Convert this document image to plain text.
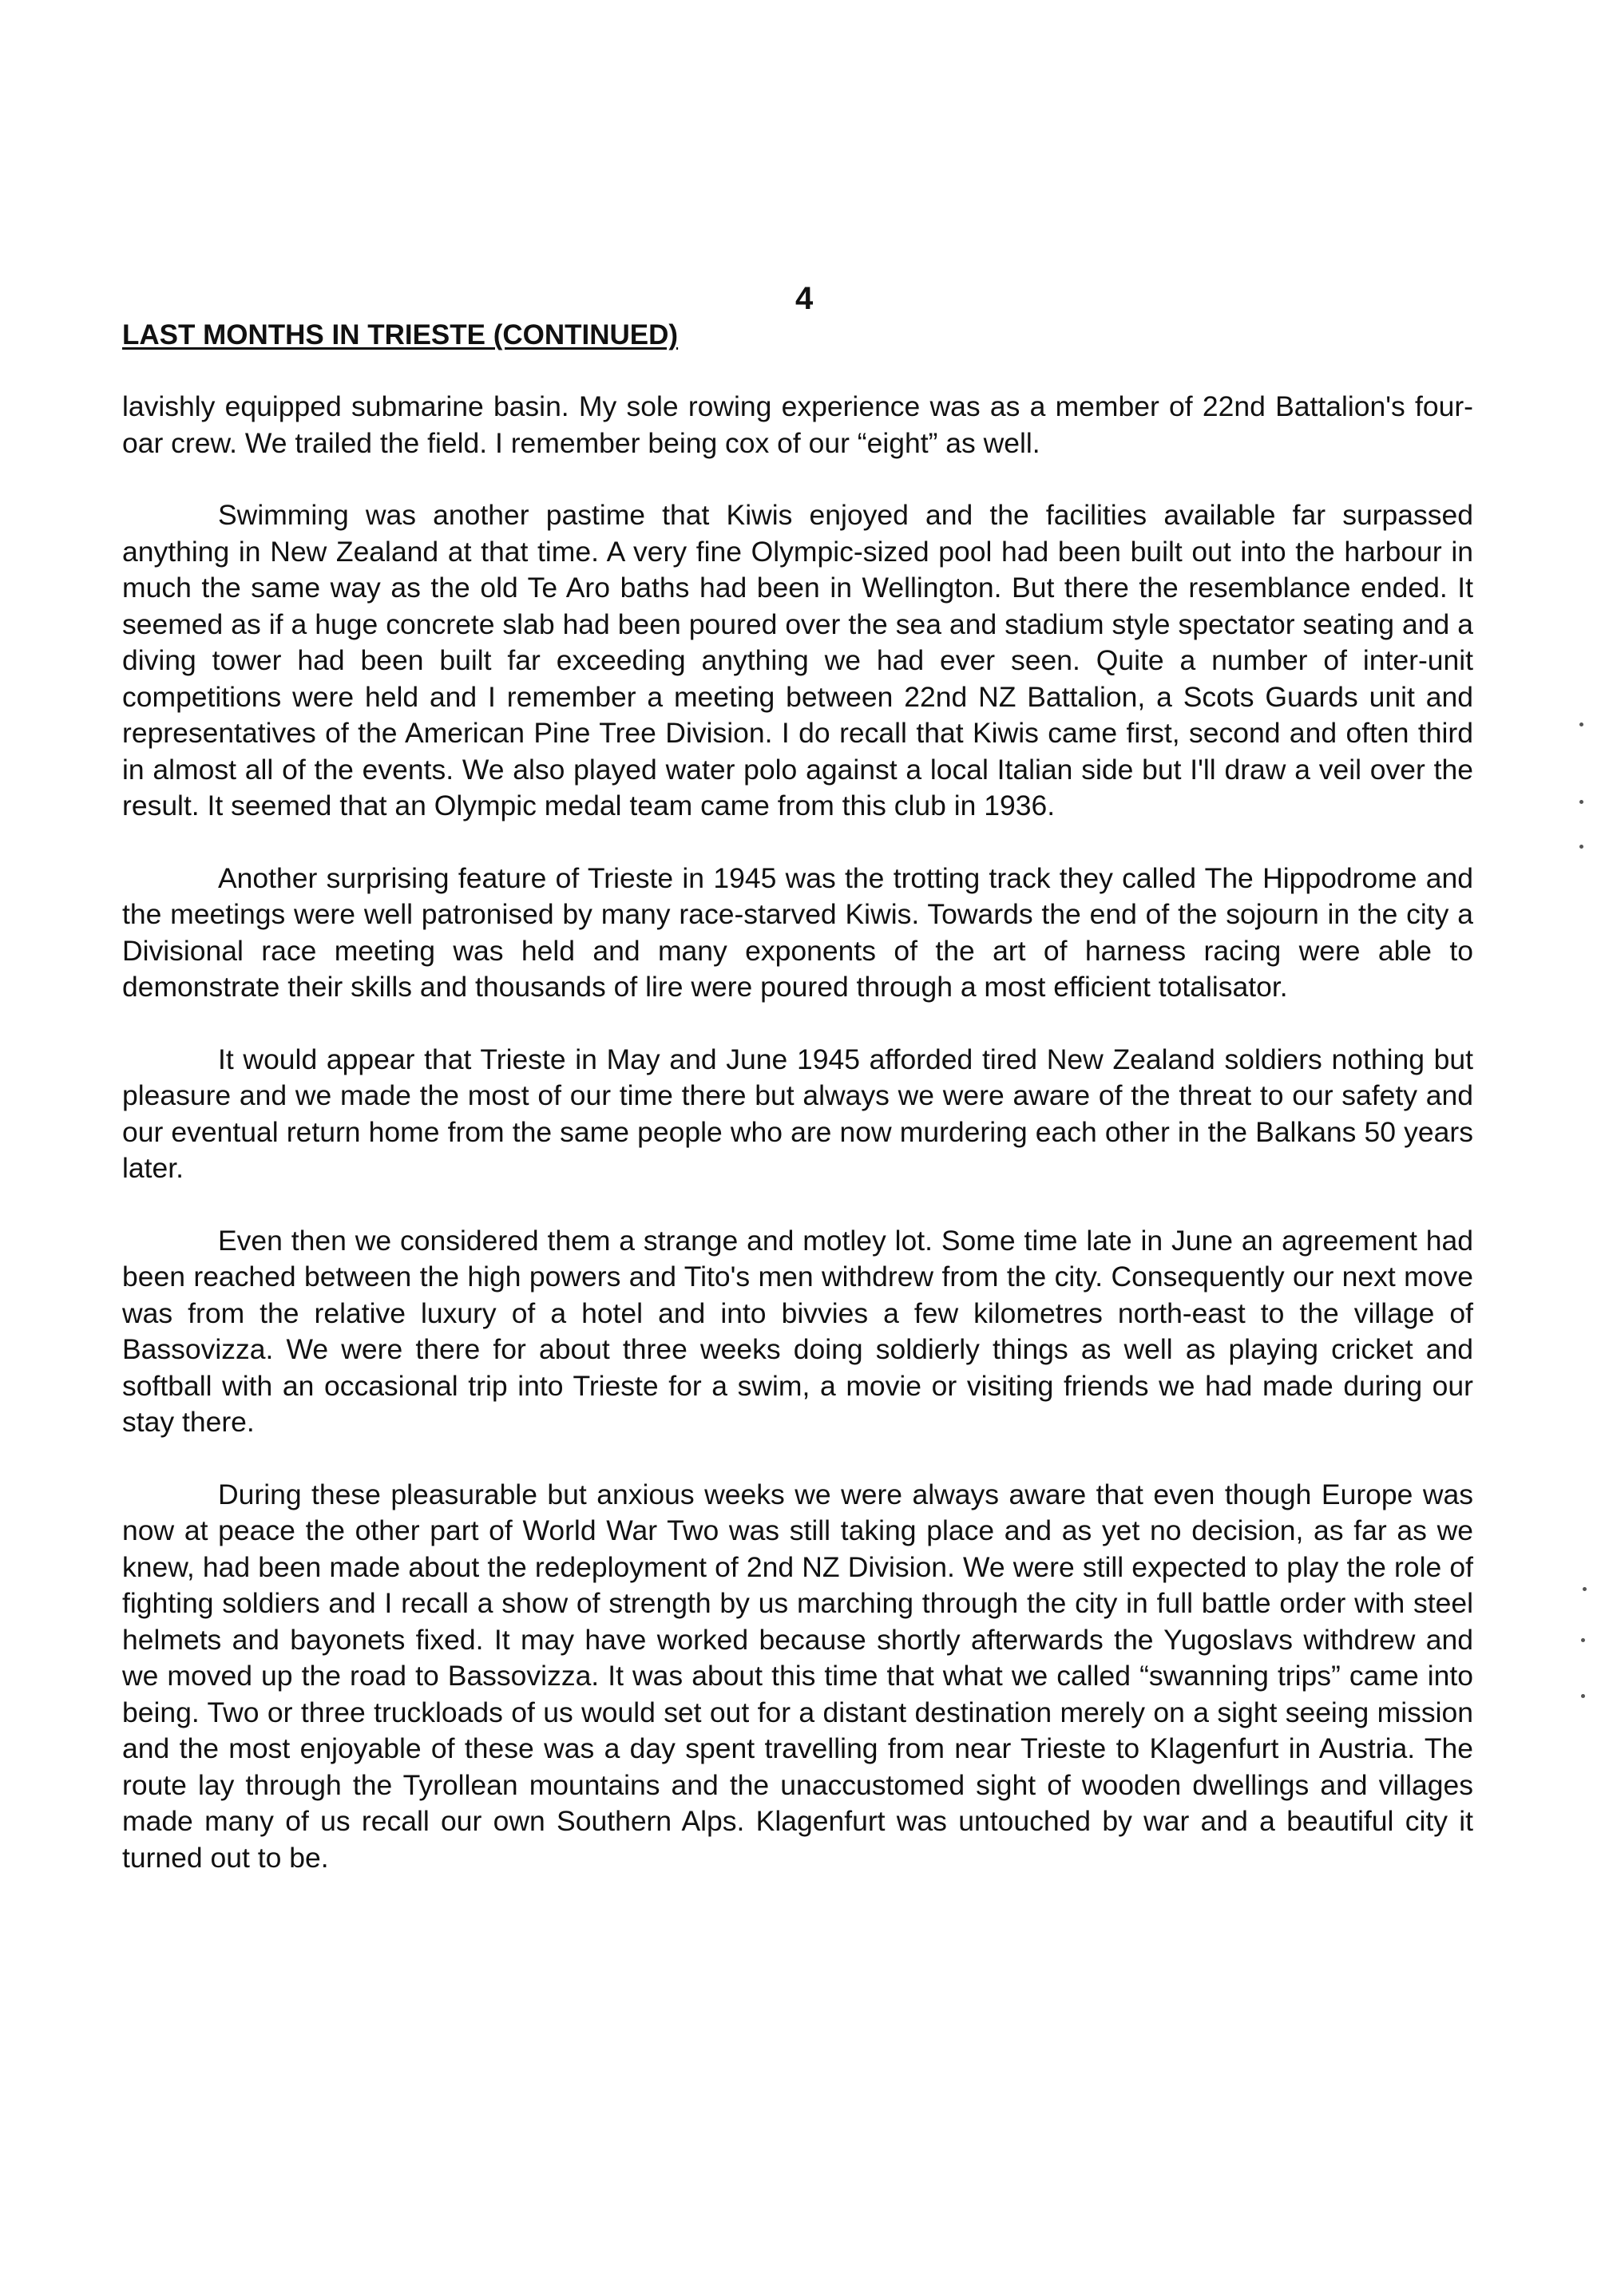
4
LAST MONTHS IN TRIESTE (CONTINUED)

lavishly equipped submarine basin. My sole rowing experience was as a member of 22nd Battalion's four-oar crew. We trailed the field. I remember being cox of our “eight” as well.

Swimming was another pastime that Kiwis enjoyed and the facilities available far surpassed anything in New Zealand at that time. A very fine Olympic-sized pool had been built out into the harbour in much the same way as the old Te Aro baths had been in Wellington. But there the resemblance ended. It seemed as if a huge concrete slab had been poured over the sea and stadium style spectator seating and a diving tower had been built far exceeding anything we had ever seen. Quite a number of inter-unit competitions were held and I remember a meeting between 22nd NZ Battalion, a Scots Guards unit and representatives of the American Pine Tree Division. I do recall that Kiwis came first, second and often third in almost all of the events. We also played water polo against a local Italian side but I'll draw a veil over the result. It seemed that an Olympic medal team came from this club in 1936.

Another surprising feature of Trieste in 1945 was the trotting track they called The Hippodrome and the meetings were well patronised by many race-starved Kiwis. Towards the end of the sojourn in the city a Divisional race meeting was held and many exponents of the art of harness racing were able to demonstrate their skills and thousands of lire were poured through a most efficient totalisator.

It would appear that Trieste in May and June 1945 afforded tired New Zealand soldiers nothing but pleasure and we made the most of our time there but always we were aware of the threat to our safety and our eventual return home from the same people who are now murdering each other in the Balkans 50 years later.

Even then we considered them a strange and motley lot. Some time late in June an agreement had been reached between the high powers and Tito's men withdrew from the city. Consequently our next move was from the relative luxury of a hotel and into bivvies a few kilometres north-east to the village of Bassovizza. We were there for about three weeks doing soldierly things as well as playing cricket and softball with an occasional trip into Trieste for a swim, a movie or visiting friends we had made during our stay there.

During these pleasurable but anxious weeks we were always aware that even though Europe was now at peace the other part of World War Two was still taking place and as yet no decision, as far as we knew, had been made about the redeployment of 2nd NZ Division. We were still expected to play the role of fighting soldiers and I recall a show of strength by us marching through the city in full battle order with steel helmets and bayonets fixed. It may have worked because shortly afterwards the Yugoslavs withdrew and we moved up the road to Bassovizza. It was about this time that what we called “swanning trips” came into being. Two or three truckloads of us would set out for a distant destination merely on a sight seeing mission and the most enjoyable of these was a day spent travelling from near Trieste to Klagenfurt in Austria. The route lay through the Tyrollean mountains and the unaccustomed sight of wooden dwellings and villages made many of us recall our own Southern Alps. Klagenfurt was untouched by war and a beautiful city it turned out to be.
